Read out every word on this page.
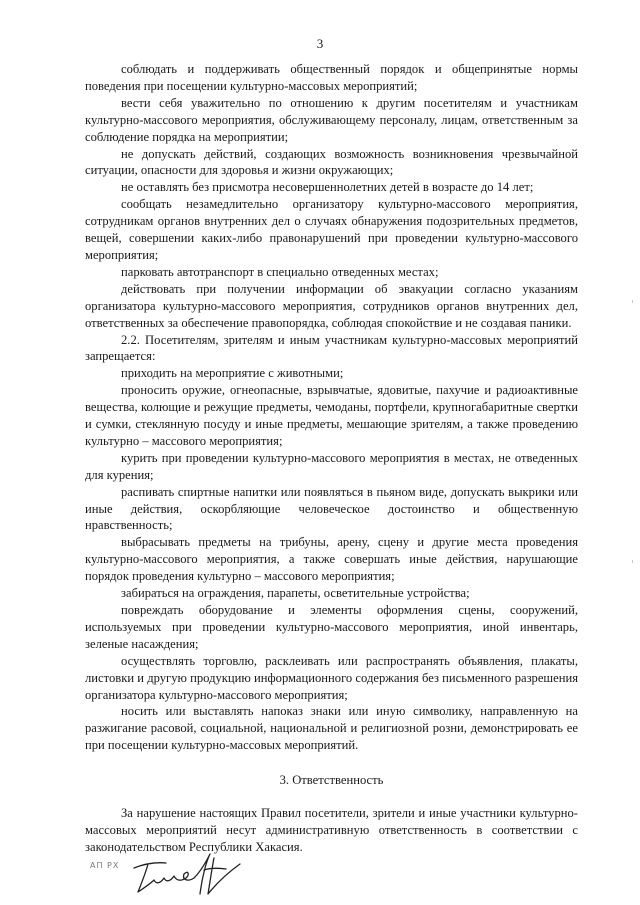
3

соблюдать и поддерживать общественный порядок и общепринятые нормы поведения при посещении культурно-массовых мероприятий;

вести себя уважительно по отношению к другим посетителям и участникам культурно-массового мероприятия, обслуживающему персоналу, лицам, ответственным за соблюдение порядка на мероприятии;

не допускать действий, создающих возможность возникновения чрезвычайной ситуации, опасности для здоровья и жизни окружающих;

не оставлять без присмотра несовершеннолетних детей в возрасте до 14 лет;

сообщать незамедлительно организатору культурно-массового мероприятия, сотрудникам органов внутренних дел о случаях обнаружения подозрительных предметов, вещей, совершении каких-либо правонарушений при проведении культурно-массового мероприятия;

парковать автотранспорт в специально отведенных местах;

действовать при получении информации об эвакуации согласно указаниям организатора культурно-массового мероприятия, сотрудников органов внутренних дел, ответственных за обеспечение правопорядка, соблюдая спокойствие и не создавая паники.

2.2. Посетителям, зрителям и иным участникам культурно-массовых мероприятий запрещается:

приходить на мероприятие с животными;

проносить оружие, огнеопасные, взрывчатые, ядовитые, пахучие и радиоактивные вещества, колющие и режущие предметы, чемоданы, портфели, крупногабаритные свертки и сумки, стеклянную посуду и иные предметы, мешающие зрителям, а также проведению культурно – массового мероприятия;

курить при проведении культурно-массового мероприятия в местах, не отведенных для курения;

распивать спиртные напитки или появляться в пьяном виде, допускать выкрики или иные действия, оскорбляющие человеческое достоинство и общественную нравственность;

выбрасывать предметы на трибуны, арену, сцену и другие места проведения культурно-массового мероприятия, а также совершать иные действия, нарушающие порядок проведения культурно – массового мероприятия;

забираться на ограждения, парапеты, осветительные устройства;

повреждать оборудование и элементы оформления сцены, сооружений, используемых при проведении культурно-массового мероприятия, иной инвентарь, зеленые насаждения;

осуществлять торговлю, расклеивать или распространять объявления, плакаты, листовки и другую продукцию информационного содержания без письменного разрешения организатора культурно-массового мероприятия;

носить или выставлять напоказ знаки или иную символику, направленную на разжигание расовой, социальной, национальной и религиозной розни, демонстрировать ее при посещении культурно-массовых мероприятий.

3. Ответственность

За нарушение настоящих Правил посетители, зрители и иные участники культурно-массовых мероприятий несут административную ответственность в соответствии с законодательством Республики Хакасия.

АП РХ
